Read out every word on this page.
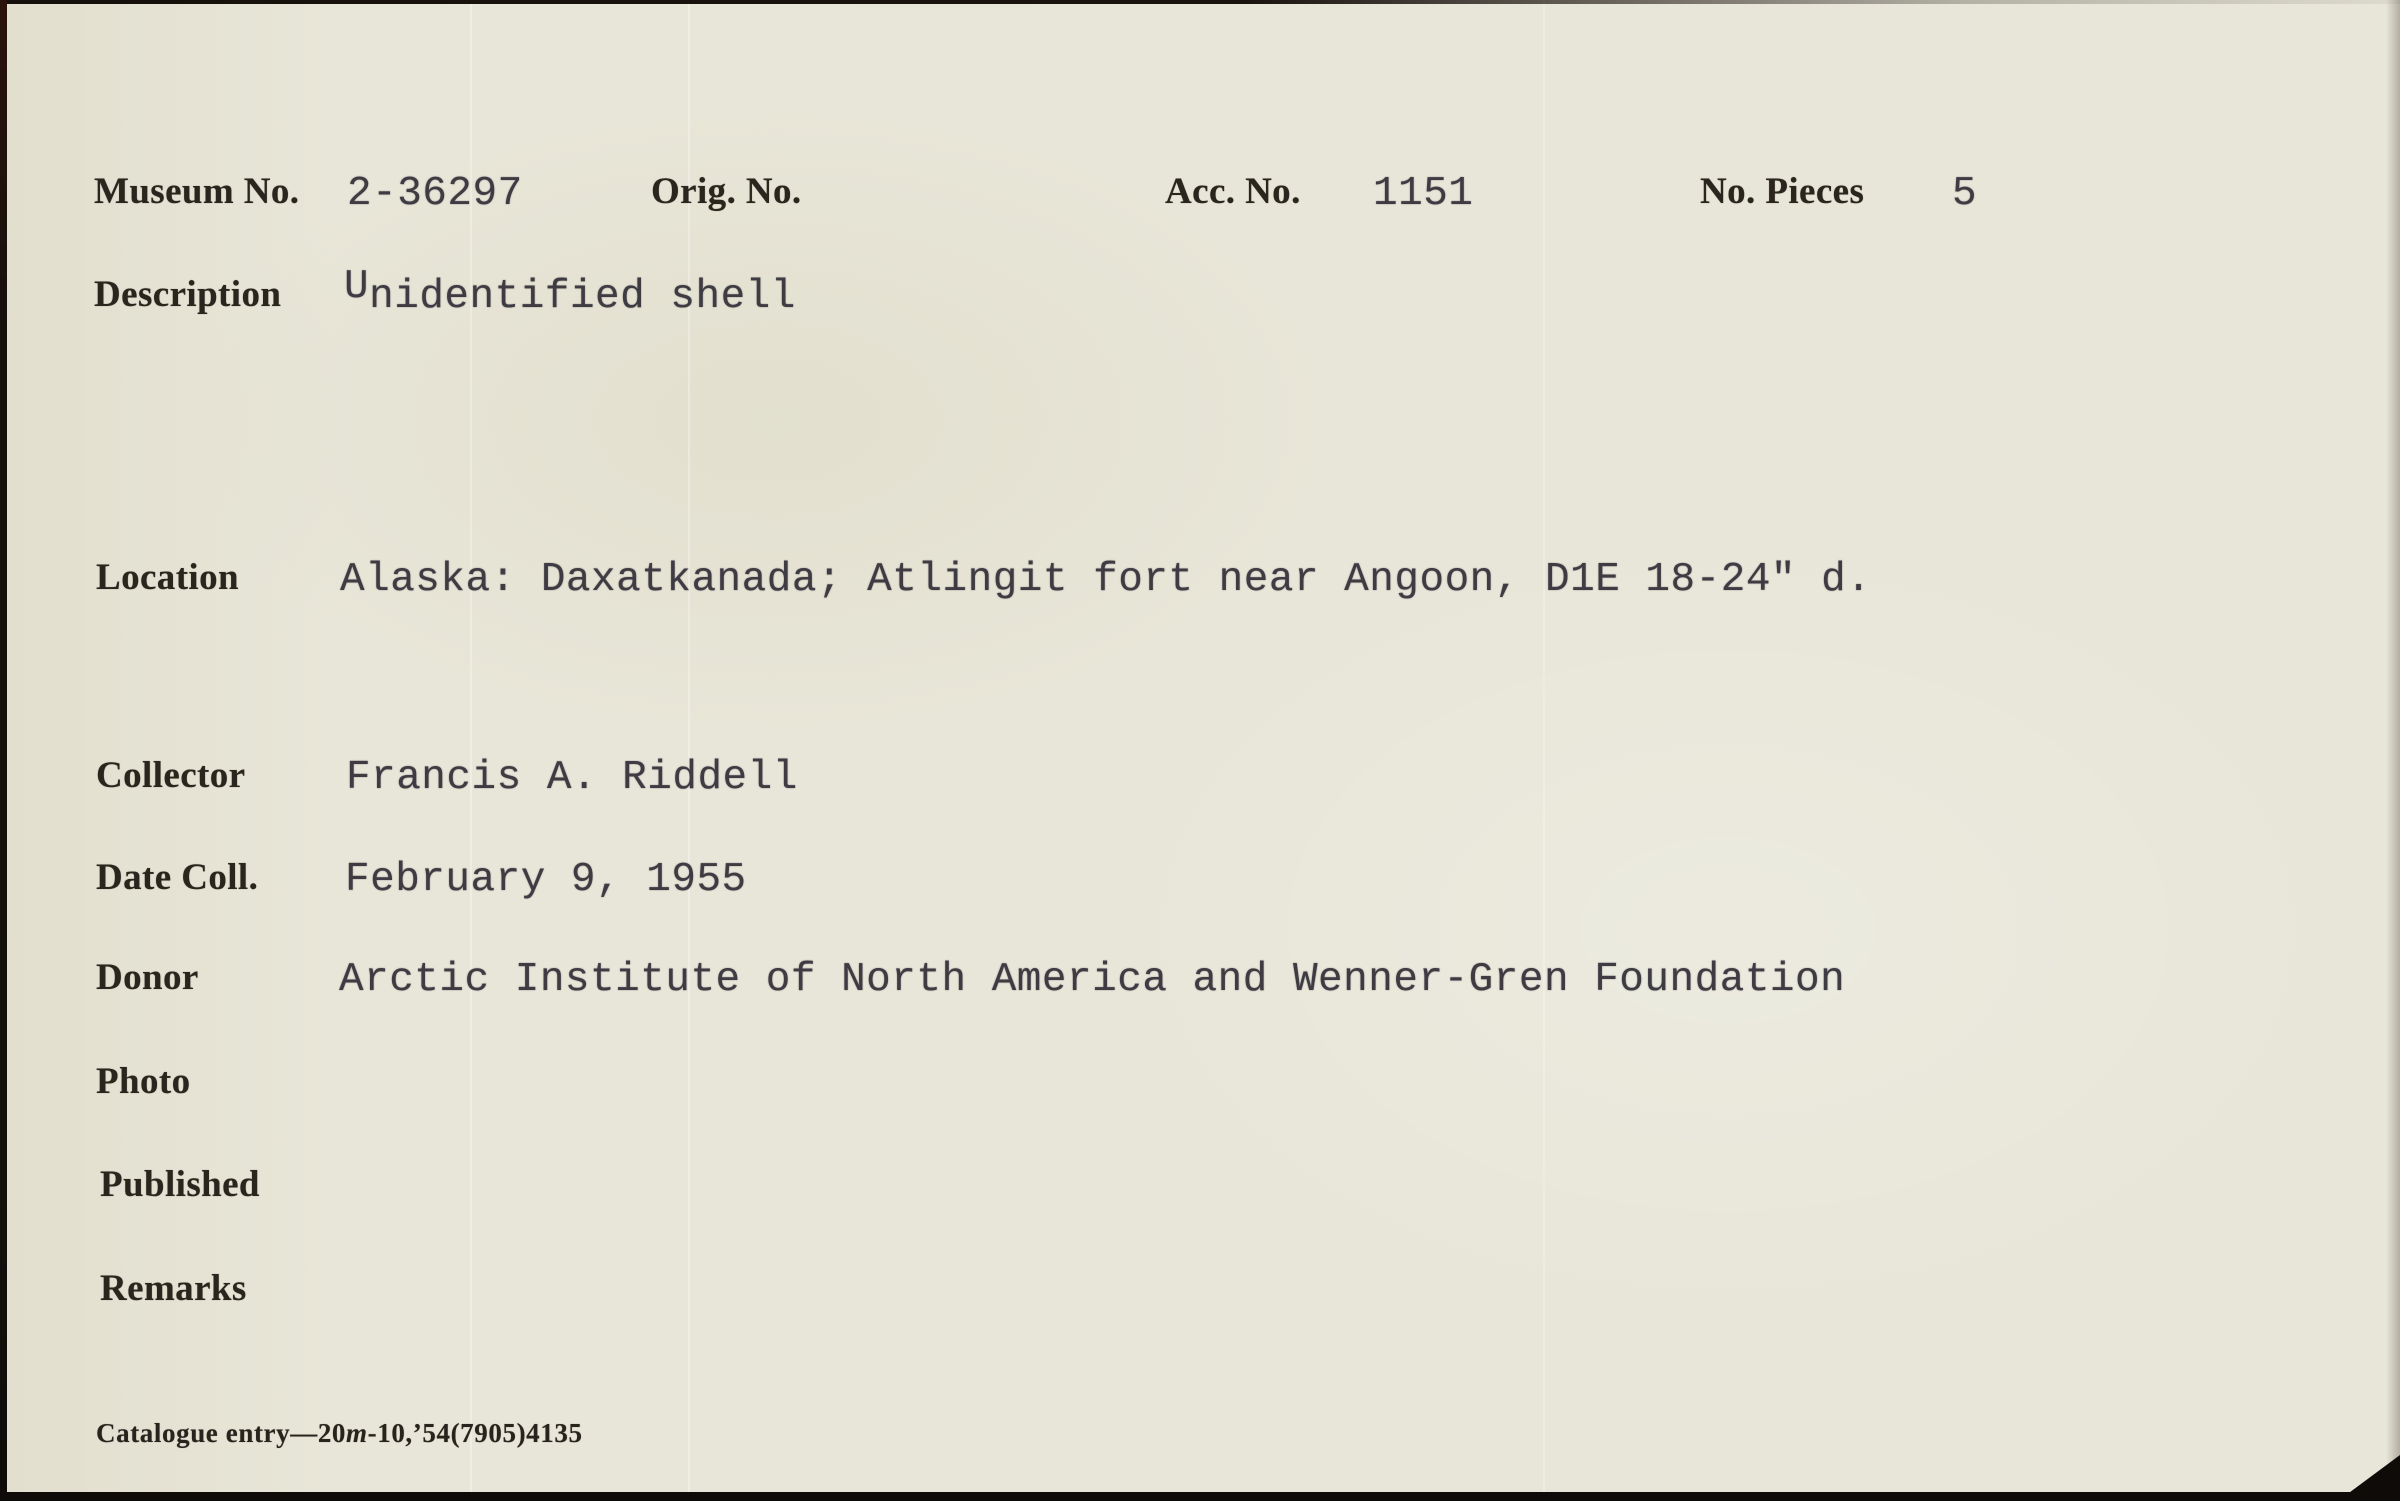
Museum No. 2-36297	Orig. No.	Acc. No. 1151	No. Pieces 5
Description Unidentified shell
Location Alaska: Daxatkanada; Atlingit fort near Angoon, D1E 18-24" d.
Collector Francis A. Riddell
Date Coll. February 9, 1955
Donor	Arctic Institute of North America and Wenner-Gren Foundation
Photo
Published
Remarks
Catalogue entry—20m-10,’54(7905)4135
